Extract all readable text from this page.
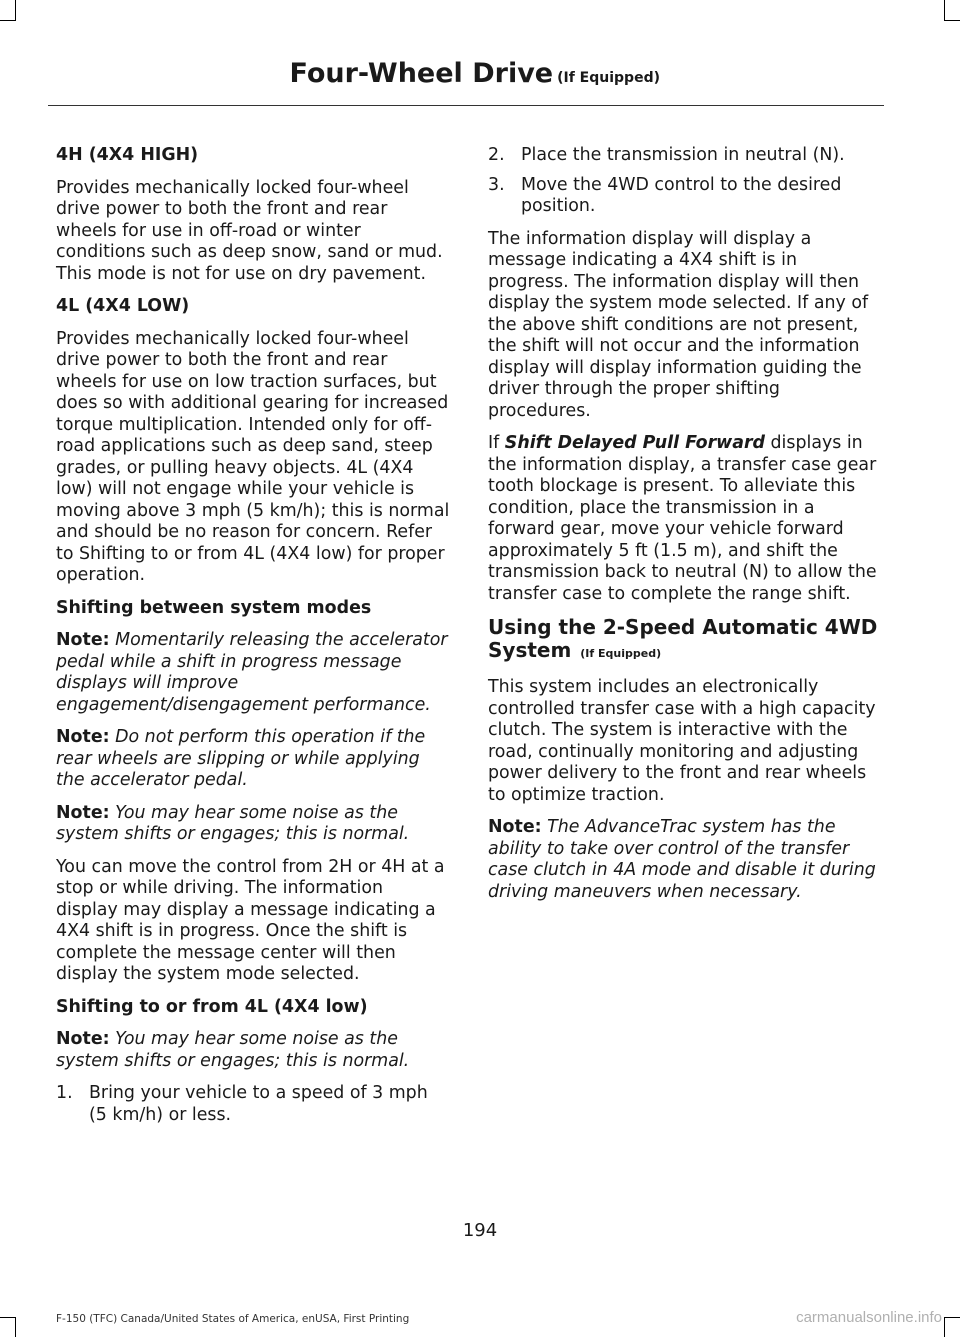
Four-Wheel Drive (If Equipped)
4H (4X4 HIGH)

Provides mechanically locked four-wheel drive power to both the front and rear wheels for use in off-road or winter conditions such as deep snow, sand or mud. This mode is not for use on dry pavement.

4L (4X4 LOW)

Provides mechanically locked four-wheel drive power to both the front and rear wheels for use on low traction surfaces, but does so with additional gearing for increased torque multiplication. Intended only for off-road applications such as deep sand, steep grades, or pulling heavy objects. 4L (4X4 low) will not engage while your vehicle is moving above 3 mph (5 km/h); this is normal and should be no reason for concern. Refer to Shifting to or from 4L (4X4 low) for proper operation.

Shifting between system modes

Note: Momentarily releasing the accelerator pedal while a shift in progress message displays will improve engagement/disengagement performance.

Note: Do not perform this operation if the rear wheels are slipping or while applying the accelerator pedal.

Note: You may hear some noise as the system shifts or engages; this is normal.

You can move the control from 2H or 4H at a stop or while driving. The information display may display a message indicating a 4X4 shift is in progress. Once the shift is complete the message center will then display the system mode selected.

Shifting to or from 4L (4X4 low)

Note: You may hear some noise as the system shifts or engages; this is normal.

1. Bring your vehicle to a speed of 3 mph (5 km/h) or less.
2. Place the transmission in neutral (N).
3. Move the 4WD control to the desired position.

The information display will display a message indicating a 4X4 shift is in progress. The information display will then display the system mode selected. If any of the above shift conditions are not present, the shift will not occur and the information display will display information guiding the driver through the proper shifting procedures.

If Shift Delayed Pull Forward displays in the information display, a transfer case gear tooth blockage is present. To alleviate this condition, place the transmission in a forward gear, move your vehicle forward approximately 5 ft (1.5 m), and shift the transmission back to neutral (N) to allow the transfer case to complete the range shift.

Using the 2-Speed Automatic 4WD System (If Equipped)

This system includes an electronically controlled transfer case with a high capacity clutch. The system is interactive with the road, continually monitoring and adjusting power delivery to the front and rear wheels to optimize traction.

Note: The AdvanceTrac system has the ability to take over control of the transfer case clutch in 4A mode and disable it during driving maneuvers when necessary.

194
F-150 (TFC) Canada/United States of America, enUSA, First Printing	carmanualsonline.info
